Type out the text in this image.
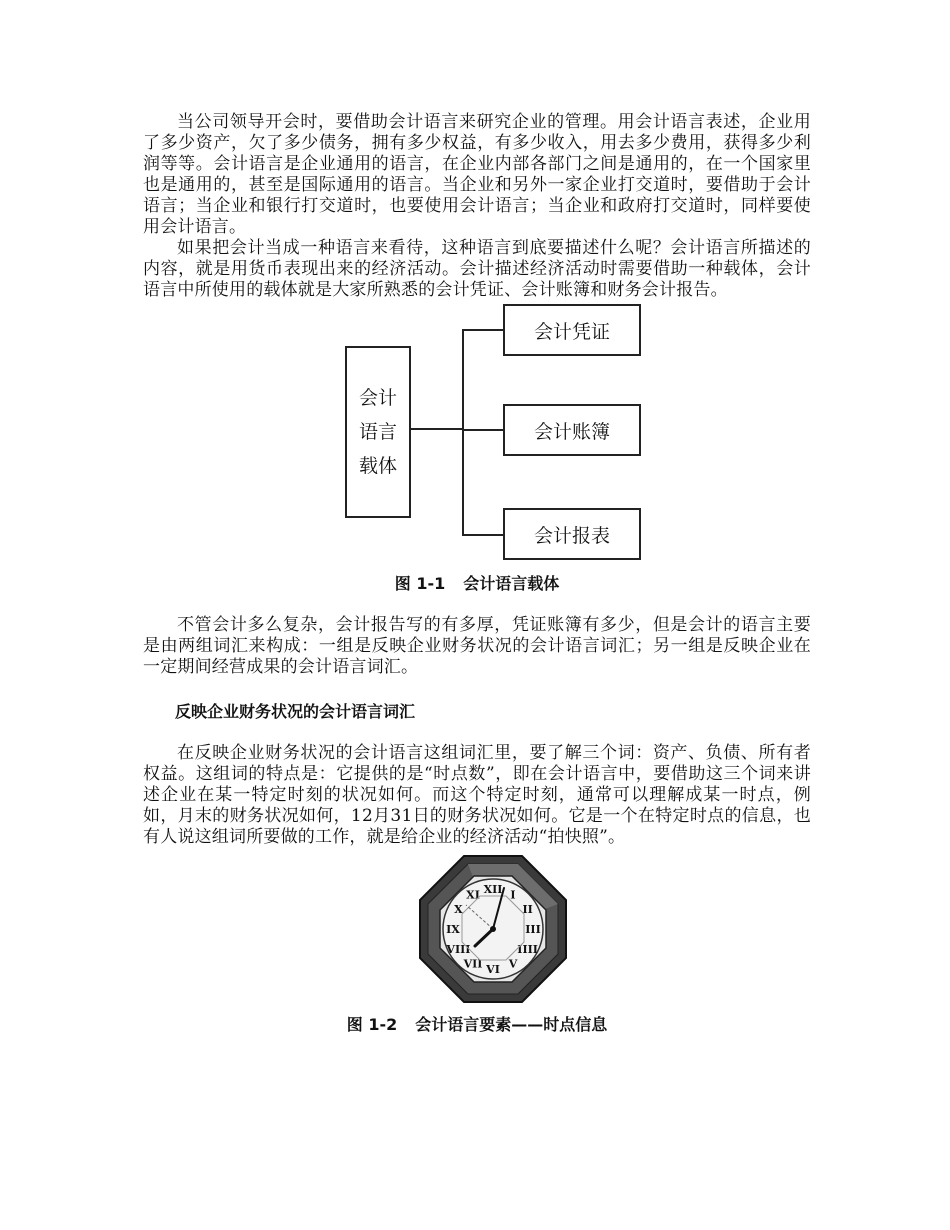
当公司领导开会时，要借助会计语言来研究企业的管理。用会计语言表述，企业用了多少资产，欠了多少债务，拥有多少权益，有多少收入，用去多少费用，获得多少利润等等。会计语言是企业通用的语言，在企业内部各部门之间是通用的，在一个国家里也是通用的，甚至是国际通用的语言。当企业和另外一家企业打交道时，要借助于会计语言；当企业和银行打交道时，也要使用会计语言；当企业和政府打交道时，同样要使用会计语言。

如果把会计当成一种语言来看待，这种语言到底要描述什么呢？会计语言所描述的内容，就是用货币表现出来的经济活动。会计描述经济活动时需要借助一种载体，会计语言中所使用的载体就是大家所熟悉的会计凭证、会计账簿和财务会计报告。

会计
语言
载体
会计凭证
会计账簿
会计报表

图 1-1 会计语言载体

不管会计多么复杂，会计报告写的有多厚，凭证账簿有多少，但是会计的语言主要是由两组词汇来构成：一组是反映企业财务状况的会计语言词汇；另一组是反映企业在一定期间经营成果的会计语言词汇。

反映企业财务状况的会计语言词汇

在反映企业财务状况的会计语言这组词汇里，要了解三个词：资产、负债、所有者权益。这组词的特点是：它提供的是“时点数”，即在会计语言中，要借助这三个词来讲述企业在某一特定时刻的状况如何。而这个特定时刻，通常可以理解成某一时点，例如，月末的财务状况如何，12月31日的财务状况如何。它是一个在特定时点的信息，也有人说这组词所要做的工作，就是给企业的经济活动“拍快照”。

XII I
II
III
IIII
V
VI
VII
VIII
IX
X
XI

图 1-2 会计语言要素——时点信息
